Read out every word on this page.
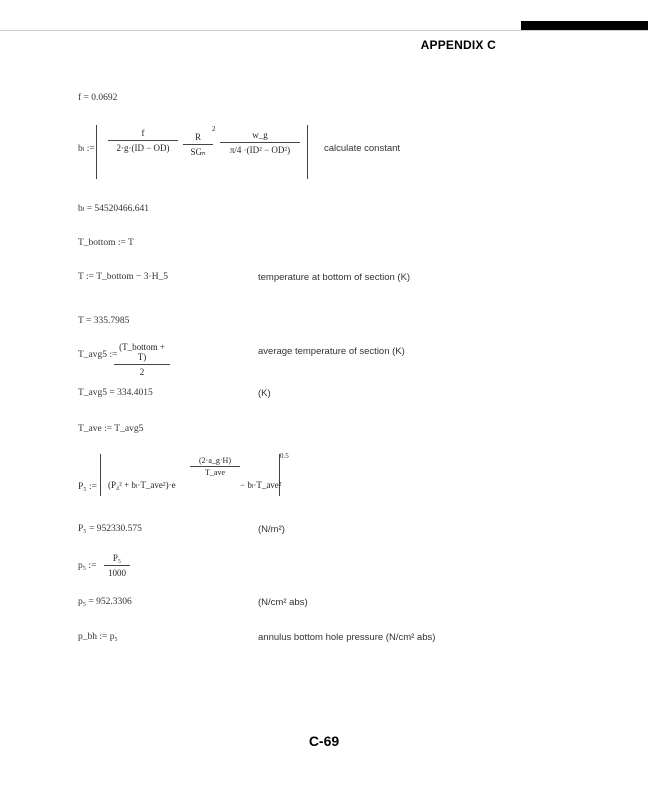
APPENDIX C
f = 0.0692
bₗ :=
f
2·g·(ID − OD)
R
SGₙ
2
w_g
π/4 ·(ID² − OD²)	calculate constant
bₗ = 54520466.641
T_bottom := T
T := T_bottom − 3·H_5	temperature at bottom of section (K)
T = 335.7985
T_avg5 :=
(T_bottom + T)
2
average temperature of section (K)
T_avg5 = 334.4015	(K)
T_ave := T_avg5
P₅ := (P₄² + bₗ·T_ave²)·e
(2·a_g·H)
T_ave
− bₗ·T_ave²
0.5
P₅ = 952330.575	(N/m²)
p₅ :=
P₅
1000
p₅ = 952.3306	(N/cm² abs)
p_bh := p₅	annulus bottom hole pressure (N/cm² abs)
C-69
